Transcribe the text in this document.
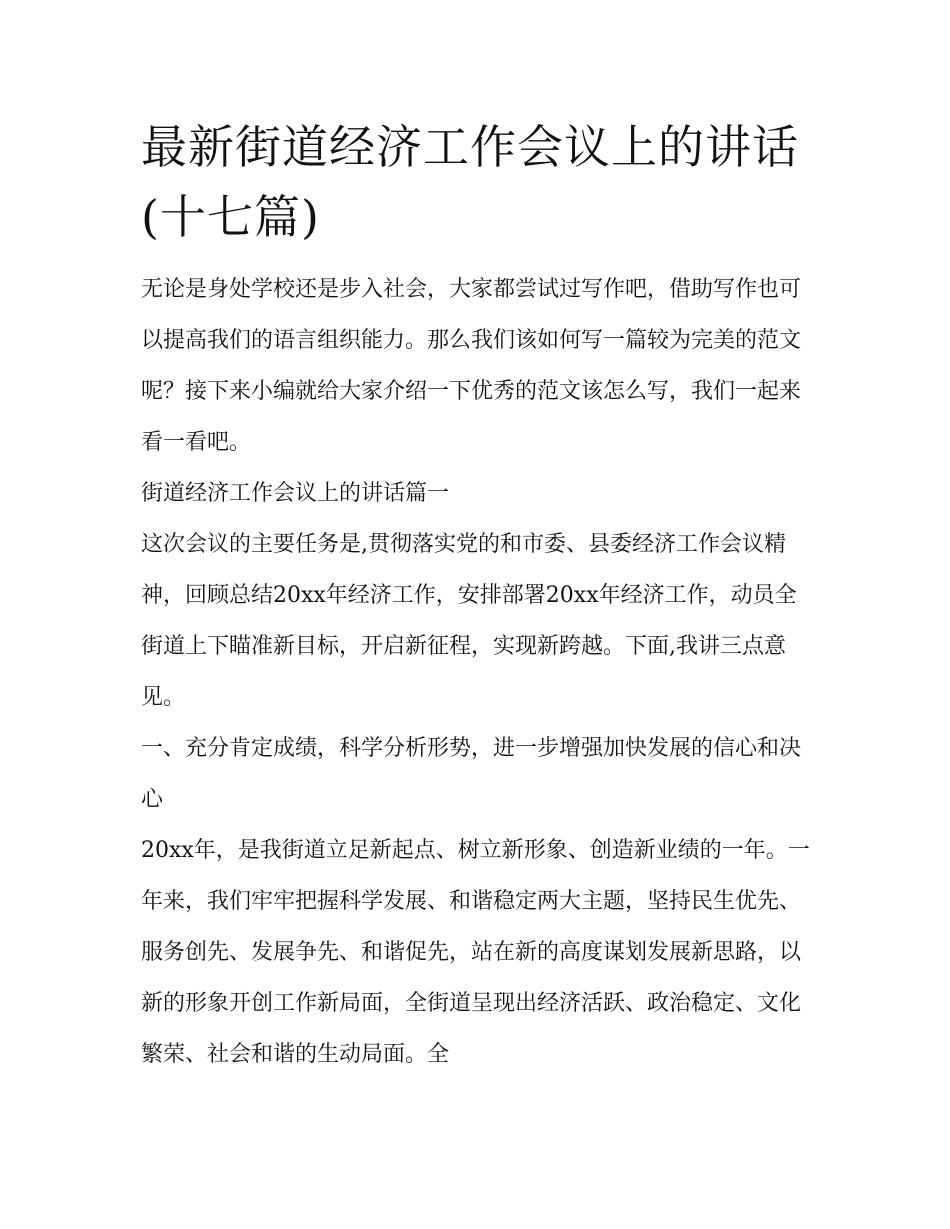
最新街道经济工作会议上的讲话(十七篇)

无论是身处学校还是步入社会，大家都尝试过写作吧，借助写作也可以提高我们的语言组织能力。那么我们该如何写一篇较为完美的范文呢？接下来小编就给大家介绍一下优秀的范文该怎么写，我们一起来看一看吧。

街道经济工作会议上的讲话篇一

这次会议的主要任务是,贯彻落实党的和市委、县委经济工作会议精神，回顾总结20xx年经济工作，安排部署20xx年经济工作，动员全街道上下瞄准新目标，开启新征程，实现新跨越。下面,我讲三点意见。

一、充分肯定成绩，科学分析形势，进一步增强加快发展的信心和决心

20xx年，是我街道立足新起点、树立新形象、创造新业绩的一年。一年来，我们牢牢把握科学发展、和谐稳定两大主题，坚持民生优先、服务创先、发展争先、和谐促先，站在新的高度谋划发展新思路，以新的形象开创工作新局面，全街道呈现出经济活跃、政治稳定、文化繁荣、社会和谐的生动局面。全
